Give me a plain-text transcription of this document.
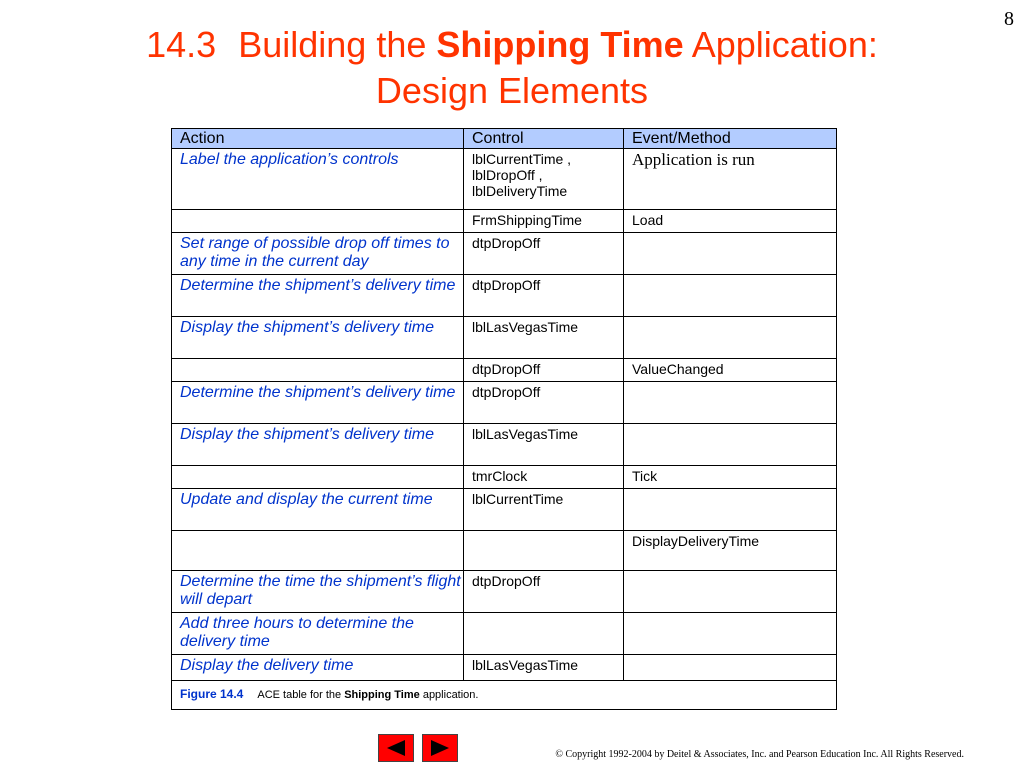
8
14.3 Building the Shipping Time Application:
Design Elements
Action	Control	Event/Method
Label the application’s controls	lblCurrentTime , lblDropOff , lblDeliveryTime	Application is run
	FrmShippingTime	Load
Set range of possible drop off times to any time in the current day	dtpDropOff	
Determine the shipment’s delivery time	dtpDropOff	
Display the shipment’s delivery time	lblLasVegasTime	
	dtpDropOff	ValueChanged
Determine the shipment’s delivery time	dtpDropOff	
Display the shipment’s delivery time	lblLasVegasTime	
	tmrClock	Tick
Update and display the current time	lblCurrentTime	
		DisplayDeliveryTime
Determine the time the shipment’s flight will depart	dtpDropOff	
Add three hours to determine the delivery time		
Display the delivery time	lblLasVegasTime	
Figure 14.4 ACE table for the Shipping Time application.		
© Copyright 1992-2004 by Deitel & Associates, Inc. and Pearson Education Inc. All Rights Reserved.
